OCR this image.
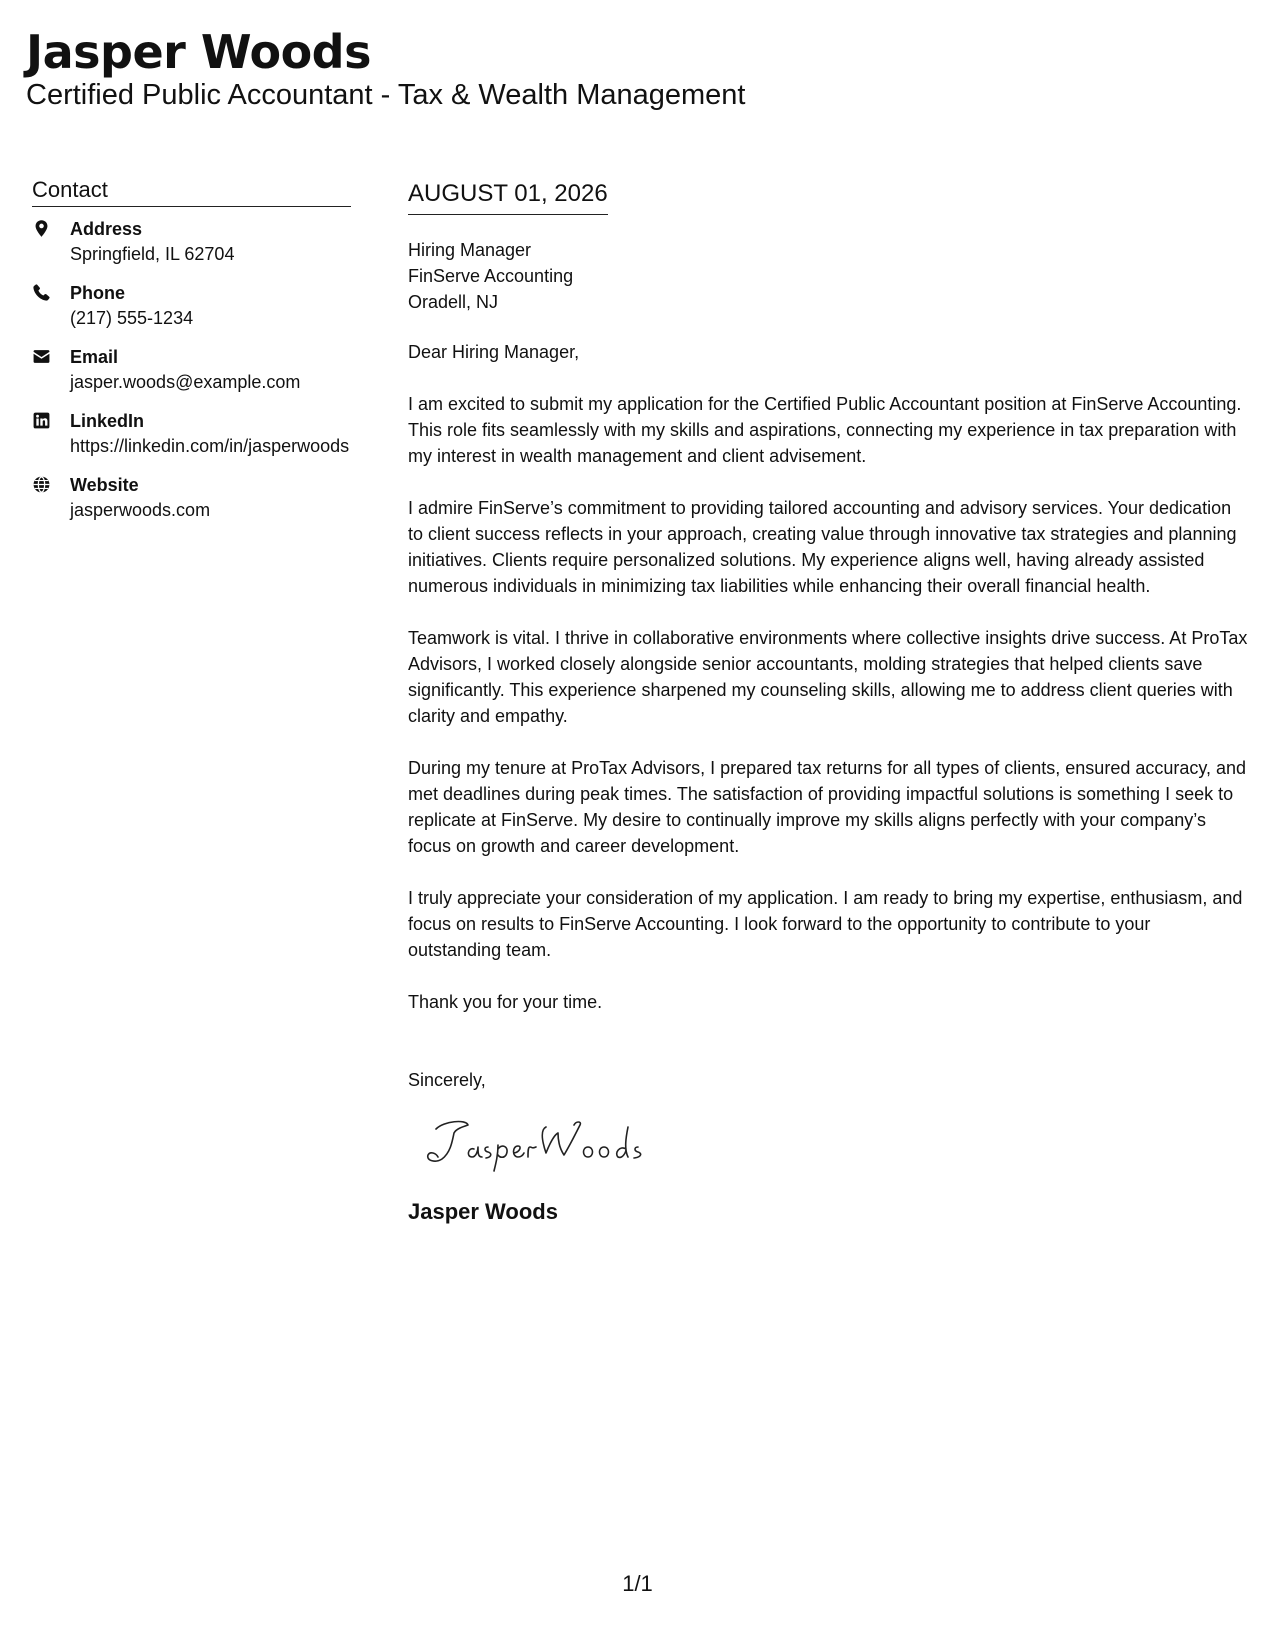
Jasper Woods
Certified Public Accountant - Tax & Wealth Management
Contact
Address
Springfield, IL 62704
Phone
(217) 555-1234
Email
jasper.woods@example.com
LinkedIn
https://linkedin.com/in/jasperwoods
Website
jasperwoods.com
AUGUST 01, 2026
Hiring Manager
FinServe Accounting
Oradell, NJ
Dear Hiring Manager,
I am excited to submit my application for the Certified Public Accountant position at FinServe Accounting. This role fits seamlessly with my skills and aspirations, connecting my experience in tax preparation with my interest in wealth management and client advisement.
I admire FinServe’s commitment to providing tailored accounting and advisory services. Your dedication to client success reflects in your approach, creating value through innovative tax strategies and planning initiatives. Clients require personalized solutions. My experience aligns well, having already assisted numerous individuals in minimizing tax liabilities while enhancing their overall financial health.
Teamwork is vital. I thrive in collaborative environments where collective insights drive success. At ProTax Advisors, I worked closely alongside senior accountants, molding strategies that helped clients save significantly. This experience sharpened my counseling skills, allowing me to address client queries with clarity and empathy.
During my tenure at ProTax Advisors, I prepared tax returns for all types of clients, ensured accuracy, and met deadlines during peak times. The satisfaction of providing impactful solutions is something I seek to replicate at FinServe. My desire to continually improve my skills aligns perfectly with your company’s focus on growth and career development.
I truly appreciate your consideration of my application. I am ready to bring my expertise, enthusiasm, and focus on results to FinServe Accounting. I look forward to the opportunity to contribute to your outstanding team.
Thank you for your time.
Sincerely,
Jasper Woods
1/1
